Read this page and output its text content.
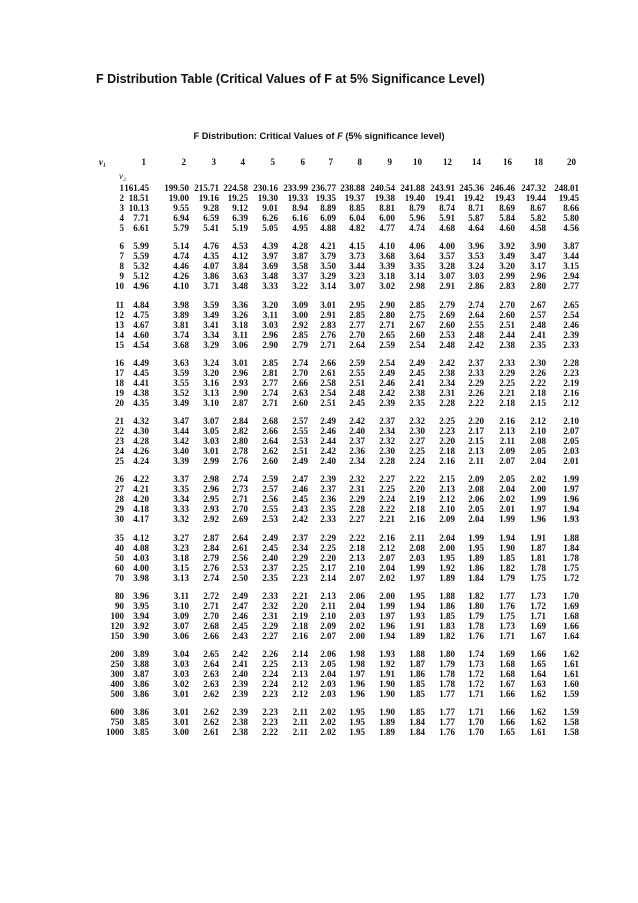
F Distribution Table (Critical Values of F at 5% Significance Level)
F Distribution: Critical Values of F (5% significance level)
ν₁	1	2	3	4	5	6	7	8	9 10 12 14 16 18	20
ν₂
1 161.45 199.50 215.71 224.58 230.16 233.99 236.77 238.88 240.54 241.88 243.91 245.36 246.46 247.32 248.01
2 18.51 19.00 19.16 19.25 19.30 19.33 19.35 19.37 19.38 19.40 19.41 19.42 19.43 19.44 19.45
3 10.13	9.55 9.28 9.12 9.01 8.94 8.89 8.85 8.81 8.79 8.74 8.71 8.69 8.67 8.66
4 7.71	6.94 6.59 6.39 6.26 6.16 6.09 6.04 6.00 5.96 5.91 5.87 5.84 5.82 5.80
5 6.61	5.79 5.41 5.19 5.05 4.95 4.88 4.82 4.77 4.74 4.68 4.64 4.60 4.58 4.56
6 5.99	5.14 4.76 4.53 4.39 4.28 4.21 4.15 4.10 4.06 4.00 3.96 3.92 3.90 3.87
7 5.59	4.74 4.35 4.12 3.97 3.87 3.79 3.73 3.68 3.64 3.57 3.53 3.49 3.47 3.44
8 5.32	4.46 4.07 3.84 3.69 3.58 3.50 3.44 3.39 3.35 3.28 3.24 3.20 3.17 3.15
9 5.12	4.26 3.86 3.63 3.48 3.37 3.29 3.23 3.18 3.14 3.07 3.03 2.99 2.96 2.94
10 4.96	4.10 3.71 3.48 3.33 3.22 3.14 3.07 3.02 2.98 2.91 2.86 2.83 2.80 2.77
11 4.84	3.98 3.59 3.36 3.20 3.09 3.01 2.95 2.90 2.85 2.79 2.74 2.70 2.67 2.65
12 4.75	3.89 3.49 3.26 3.11 3.00 2.91 2.85 2.80 2.75 2.69 2.64 2.60 2.57 2.54
13 4.67	3.81 3.41 3.18 3.03 2.92 2.83 2.77 2.71 2.67 2.60 2.55 2.51 2.48 2.46
14 4.60	3.74 3.34 3.11 2.96 2.85 2.76 2.70 2.65 2.60 2.53 2.48 2.44 2.41 2.39
15 4.54	3.68 3.29 3.06 2.90 2.79 2.71 2.64 2.59 2.54 2.48 2.42 2.38 2.35 2.33
16 4.49	3.63 3.24 3.01 2.85 2.74 2.66 2.59 2.54 2.49 2.42 2.37 2.33 2.30 2.28
17 4.45	3.59 3.20 2.96 2.81 2.70 2.61 2.55 2.49 2.45 2.38 2.33 2.29 2.26 2.23
18 4.41	3.55 3.16 2.93 2.77 2.66 2.58 2.51 2.46 2.41 2.34 2.29 2.25 2.22 2.19
19 4.38	3.52 3.13 2.90 2.74 2.63 2.54 2.48 2.42 2.38 2.31 2.26 2.21 2.18 2.16
20 4.35	3.49 3.10 2.87 2.71 2.60 2.51 2.45 2.39 2.35 2.28 2.22 2.18 2.15 2.12
21 4.32	3.47 3.07 2.84 2.68 2.57 2.49 2.42 2.37 2.32 2.25 2.20 2.16 2.12 2.10
22 4.30	3.44 3.05 2.82 2.66 2.55 2.46 2.40 2.34 2.30 2.23 2.17 2.13 2.10 2.07
23 4.28	3.42 3.03 2.80 2.64 2.53 2.44 2.37 2.32 2.27 2.20 2.15 2.11 2.08 2.05
24 4.26	3.40 3.01 2.78 2.62 2.51 2.42 2.36 2.30 2.25 2.18 2.13 2.09 2.05 2.03
25 4.24	3.39 2.99 2.76 2.60 2.49 2.40 2.34 2.28 2.24 2.16 2.11 2.07 2.04 2.01
26 4.22	3.37 2.98 2.74 2.59 2.47 2.39 2.32 2.27 2.22 2.15 2.09 2.05 2.02 1.99
27 4.21	3.35 2.96 2.73 2.57 2.46 2.37 2.31 2.25 2.20 2.13 2.08 2.04 2.00 1.97
28 4.20	3.34 2.95 2.71 2.56 2.45 2.36 2.29 2.24 2.19 2.12 2.06 2.02 1.99 1.96
29 4.18	3.33 2.93 2.70 2.55 2.43 2.35 2.28 2.22 2.18 2.10 2.05 2.01 1.97 1.94
30 4.17	3.32 2.92 2.69 2.53 2.42 2.33 2.27 2.21 2.16 2.09 2.04 1.99 1.96 1.93
35 4.12	3.27 2.87 2.64 2.49 2.37 2.29 2.22 2.16 2.11 2.04 1.99 1.94 1.91 1.88
40 4.08	3.23 2.84 2.61 2.45 2.34 2.25 2.18 2.12 2.08 2.00 1.95 1.90 1.87 1.84
50 4.03	3.18 2.79 2.56 2.40 2.29 2.20 2.13 2.07 2.03 1.95 1.89 1.85 1.81 1.78
60 4.00	3.15 2.76 2.53 2.37 2.25 2.17 2.10 2.04 1.99 1.92 1.86 1.82 1.78 1.75
70 3.98	3.13 2.74 2.50 2.35 2.23 2.14 2.07 2.02 1.97 1.89 1.84 1.79 1.75 1.72
80 3.96	3.11 2.72 2.49 2.33 2.21 2.13 2.06 2.00 1.95 1.88 1.82 1.77 1.73 1.70
90 3.95	3.10 2.71 2.47 2.32 2.20 2.11 2.04 1.99 1.94 1.86 1.80 1.76 1.72 1.69
100 3.94	3.09 2.70 2.46 2.31 2.19 2.10 2.03 1.97 1.93 1.85 1.79 1.75 1.71 1.68
120 3.92	3.07 2.68 2.45 2.29 2.18 2.09 2.02 1.96 1.91 1.83 1.78 1.73 1.69 1.66
150 3.90	3.06 2.66 2.43 2.27 2.16 2.07 2.00 1.94 1.89 1.82 1.76 1.71 1.67 1.64
200 3.89	3.04 2.65 2.42 2.26 2.14 2.06 1.98 1.93 1.88 1.80 1.74 1.69 1.66 1.62
250 3.88	3.03 2.64 2.41 2.25 2.13 2.05 1.98 1.92 1.87 1.79 1.73 1.68 1.65 1.61
300 3.87	3.03 2.63 2.40 2.24 2.13 2.04 1.97 1.91 1.86 1.78 1.72 1.68 1.64 1.61
400 3.86	3.02 2.63 2.39 2.24 2.12 2.03 1.96 1.90 1.85 1.78 1.72 1.67 1.63 1.60
500 3.86	3.01 2.62 2.39 2.23 2.12 2.03 1.96 1.90 1.85 1.77 1.71 1.66 1.62 1.59
600 3.86	3.01 2.62 2.39 2.23 2.11 2.02 1.95 1.90 1.85 1.77 1.71 1.66 1.62 1.59
750 3.85	3.01 2.62 2.38 2.23 2.11 2.02 1.95 1.89 1.84 1.77 1.70 1.66 1.62 1.58
1000 3.85	3.00 2.61 2.38 2.22 2.11 2.02 1.95 1.89 1.84 1.76 1.70 1.65 1.61 1.58
